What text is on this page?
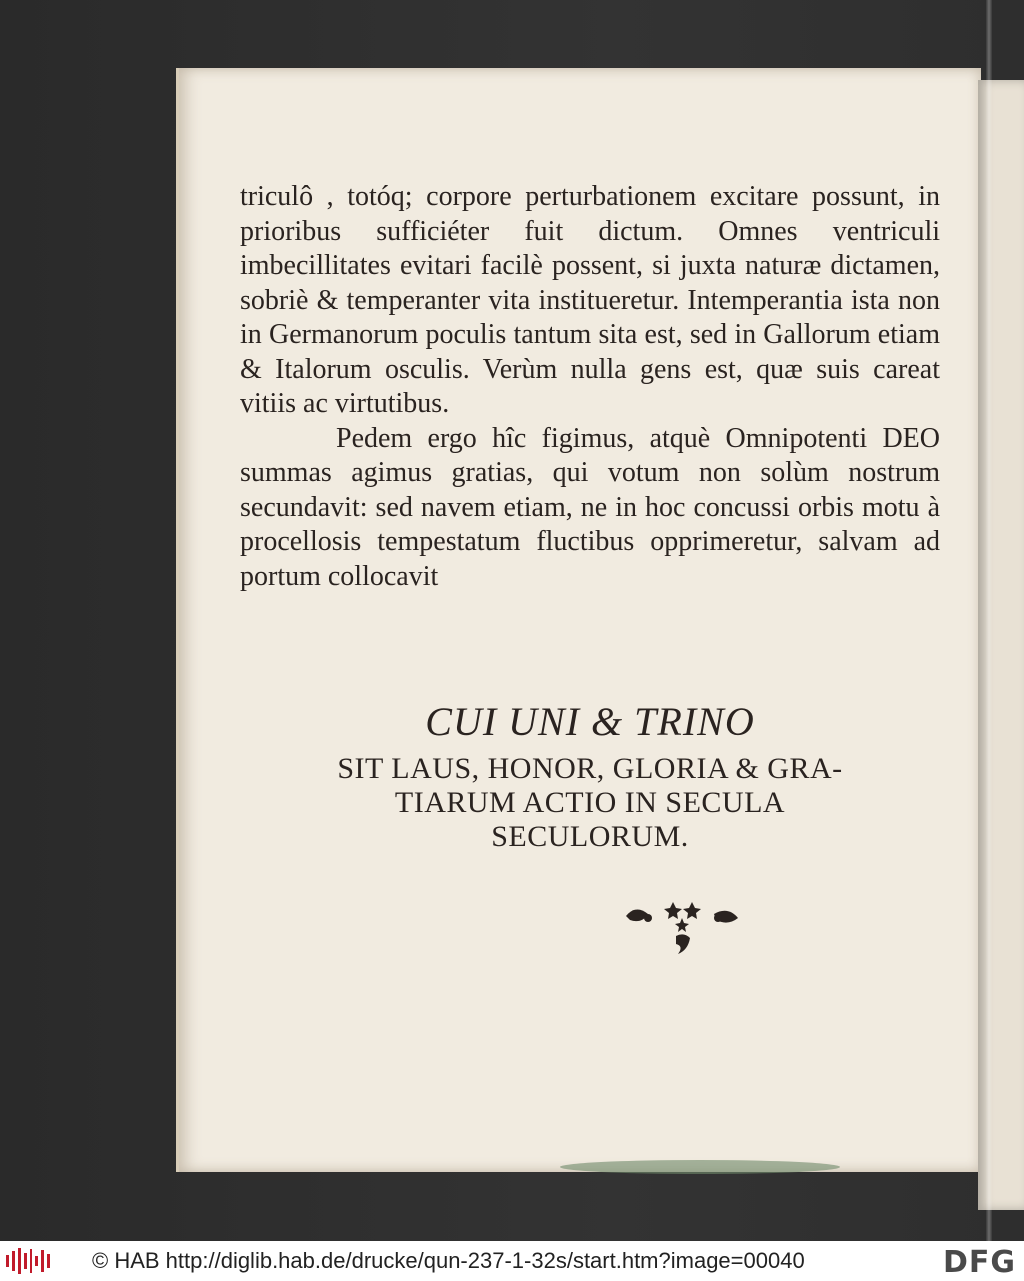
triculô , totóq; corpore perturbationem excitare possunt, in prioribus sufficiéter fuit dictum. Omnes ventriculi imbecillitates evitari facilè possent, si juxta naturæ dictamen, sobriè & temperanter vita institueretur. Intemperantia ista non in Germanorum poculis tantum sita est, sed in Gallorum etiam & Italorum osculis. Verùm nulla gens est, quæ suis careat vitiis ac virtutibus.

Pedem ergo hîc figimus, atquè Omnipotenti DEO summas agimus gratias, qui votum non solùm nostrum secundavit: sed navem etiam, ne in hoc concussi orbis motu à procellosis tempestatum fluctibus opprimeretur, salvam ad portum collocavit

CUI UNI & TRINO
SIT LAUS, HONOR, GLORIA & GRA-
TIARUM ACTIO IN SECULA
SECULORUM.
© HAB http://diglib.hab.de/drucke/qun-237-1-32s/start.htm?image=00040	DFG
